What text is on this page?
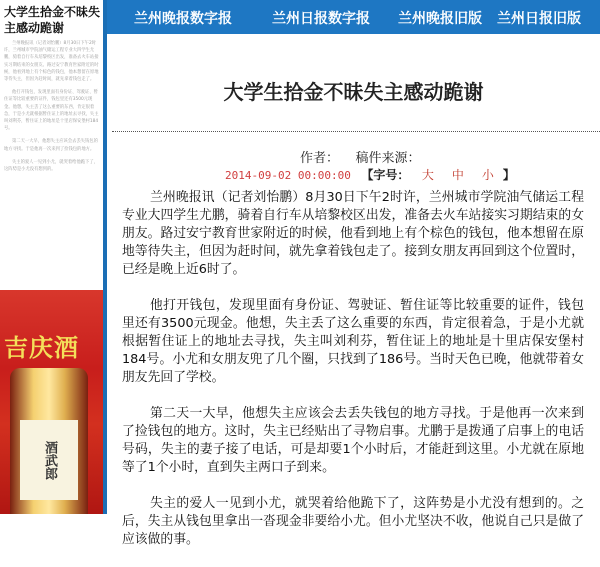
大学生拾金不昧失主感动跪谢

兰州晚报讯（记者刘怡鹏）8月30日下午2时许，兰州城市学院油气储运工程专业大四学生尤鹏，骑着自行车从培黎校区出发，准备去火车站接实习期结束的女朋友。路过安宁教育世家附近的时候，他看到地上有个棕色的钱包，他本想留在原地等待失主，但因为赶时间，就先拿着钱包走了。

他打开钱包，发现里面有身份证、驾驶证、暂住证等比较重要的证件，钱包里还有3500元现金。他想，失主丢了这么重要的东西，肯定很着急，于是小尤就根据暂住证上的地址去寻找，失主叫刘利芬，暂住证上的地址是十里店保安堡村184号。

第二天一大早，他想失主应该会去丢失钱包的地方寻找。于是他再一次来到了捡钱包的地方。

失主的爱人一见到小尤，就哭着给他跪下了，这阵势是小尤没有想到的。

吉庆酒
酒武郎
兰州晚报数字报	兰州日报数字报 兰州晚报旧版 兰州日报旧版
大学生拾金不昧失主感动跪谢
作者： 稿件来源：
2014-09-02 00:00:00 【字号： 大 中 小 】

兰州晚报讯（记者刘怡鹏）8月30日下午2时许，兰州城市学院油气储运工程专业大四学生尤鹏，骑着自行车从培黎校区出发，准备去火车站接实习期结束的女朋友。路过安宁教育世家附近的时候，他看到地上有个棕色的钱包，他本想留在原地等待失主，但因为赶时间，就先拿着钱包走了。接到女朋友再回到这个位置时，已经是晚上近6时了。

他打开钱包，发现里面有身份证、驾驶证、暂住证等比较重要的证件，钱包里还有3500元现金。他想，失主丢了这么重要的东西，肯定很着急，于是小尤就根据暂住证上的地址去寻找，失主叫刘利芬，暂住证上的地址是十里店保安堡村184号。小尤和女朋友兜了几个圈，只找到了186号。当时天色已晚，他就带着女朋友先回了学校。

第二天一大早，他想失主应该会去丢失钱包的地方寻找。于是他再一次来到了捡钱包的地方。这时，失主已经贴出了寻物启事。尤鹏于是拨通了启事上的电话号码，失主的妻子接了电话，可是却要1个小时后，才能赶到这里。小尤就在原地等了1个小时，直到失主两口子到来。

失主的爱人一见到小尤，就哭着给他跪下了，这阵势是小尤没有想到的。之后，失主从钱包里拿出一沓现金非要给小尤。但小尤坚决不收，他说自己只是做了应该做的事。
